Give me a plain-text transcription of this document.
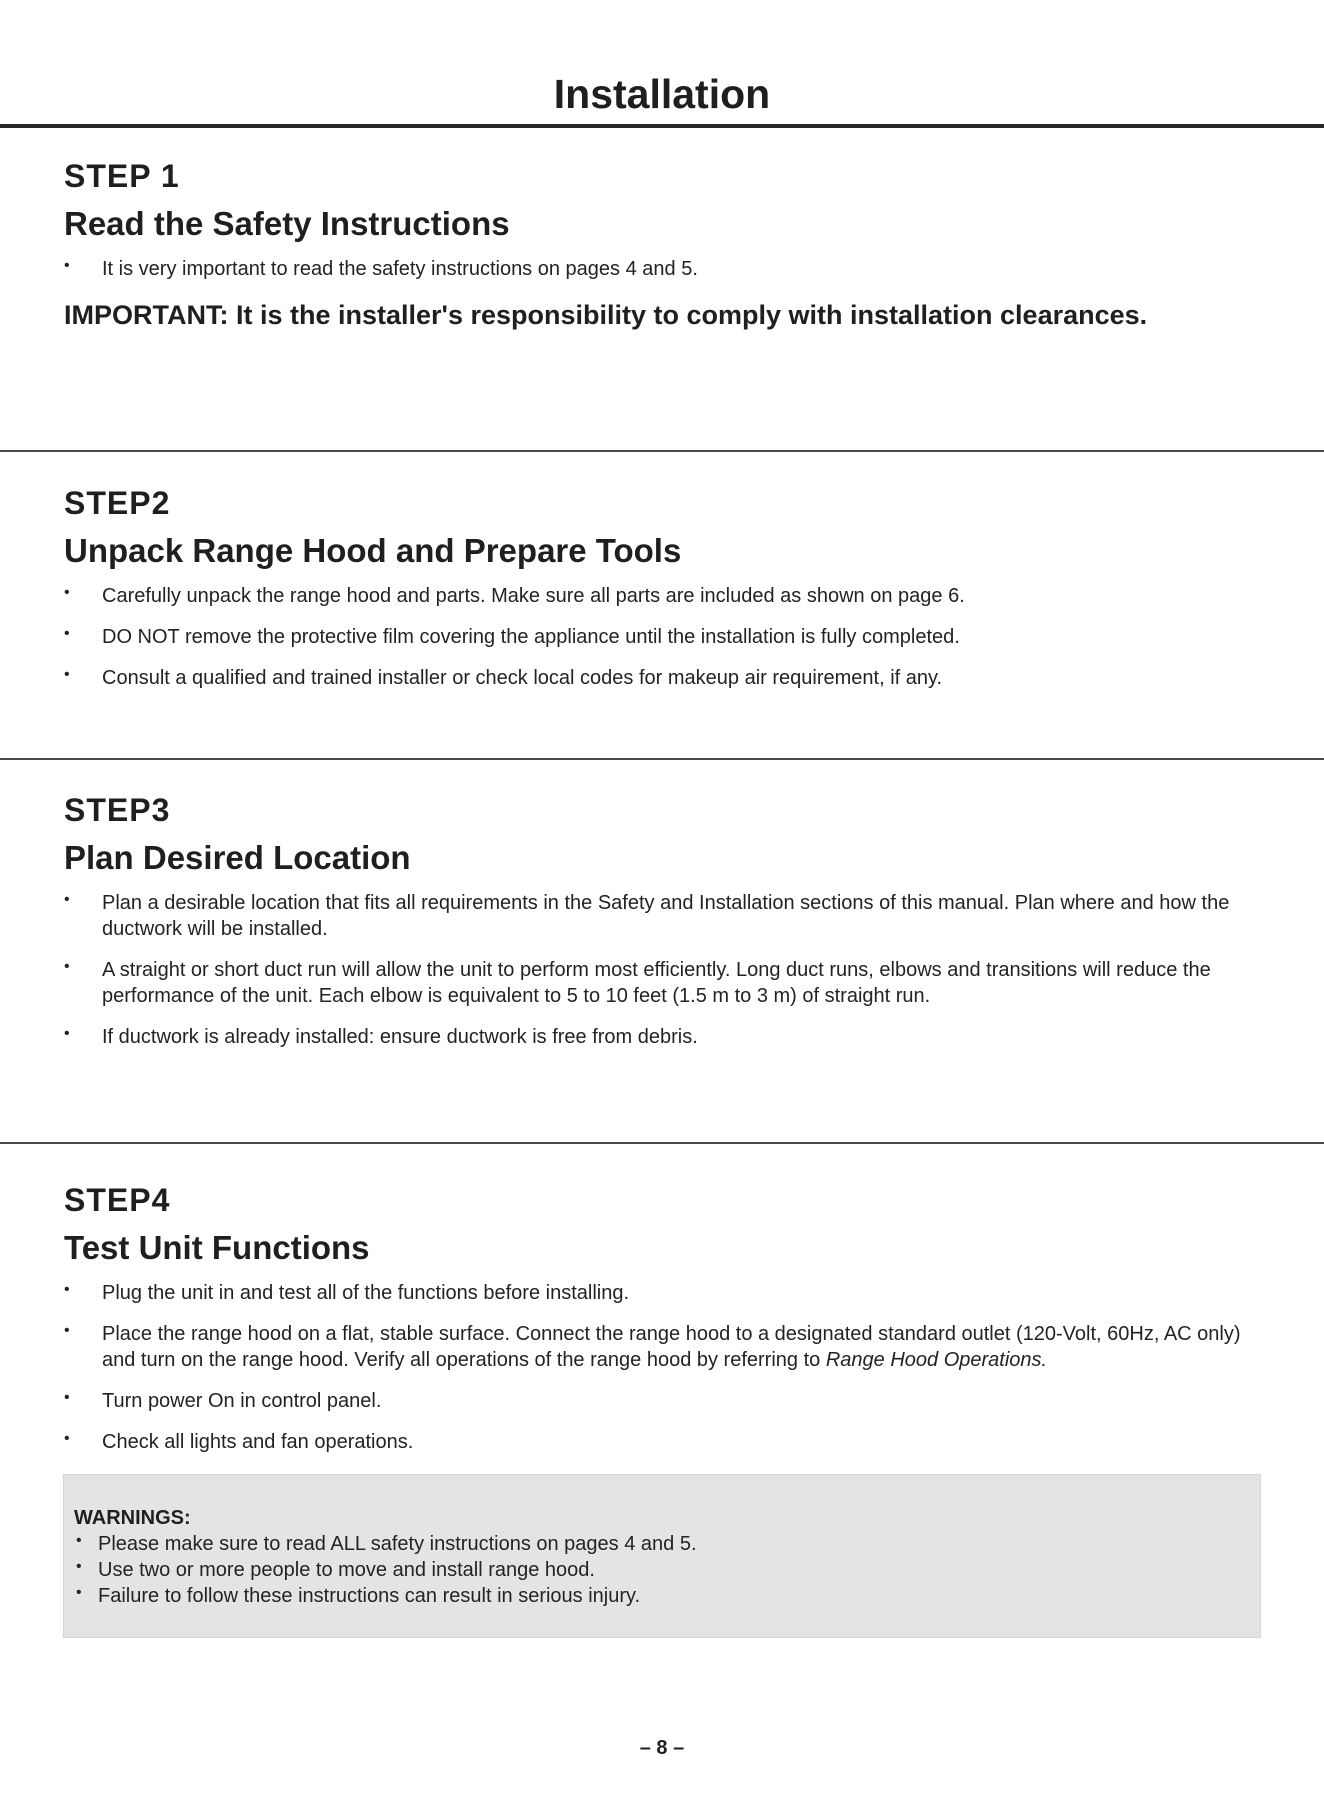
Installation
STEP 1
Read the Safety Instructions
• It is very important to read the safety instructions on pages 4 and 5.
IMPORTANT: It is the installer's responsibility to comply with installation clearances.
STEP2
Unpack Range Hood and Prepare Tools
• Carefully unpack the range hood and parts. Make sure all parts are included as shown on page 6.
• DO NOT remove the protective film covering the appliance until the installation is fully completed.
• Consult a qualified and trained installer or check local codes for makeup air requirement, if any.
STEP3
Plan Desired Location
• Plan a desirable location that fits all requirements in the Safety and Installation sections of this manual. Plan where and how the ductwork will be installed.
• A straight or short duct run will allow the unit to perform most efficiently. Long duct runs, elbows and transitions will reduce the performance of the unit. Each elbow is equivalent to 5 to 10 feet (1.5 m to 3 m) of straight run.
• If ductwork is already installed: ensure ductwork is free from debris.
STEP4
Test Unit Functions
• Plug the unit in and test all of the functions before installing.
• Place the range hood on a flat, stable surface. Connect the range hood to a designated standard outlet (120-Volt, 60Hz, AC only) and turn on the range hood. Verify all operations of the range hood by referring to Range Hood Operations.
• Turn power On in control panel.
• Check all lights and fan operations.
WARNINGS:
• Please make sure to read ALL safety instructions on pages 4 and 5.
• Use two or more people to move and install range hood.
• Failure to follow these instructions can result in serious injury.
– 8 –
